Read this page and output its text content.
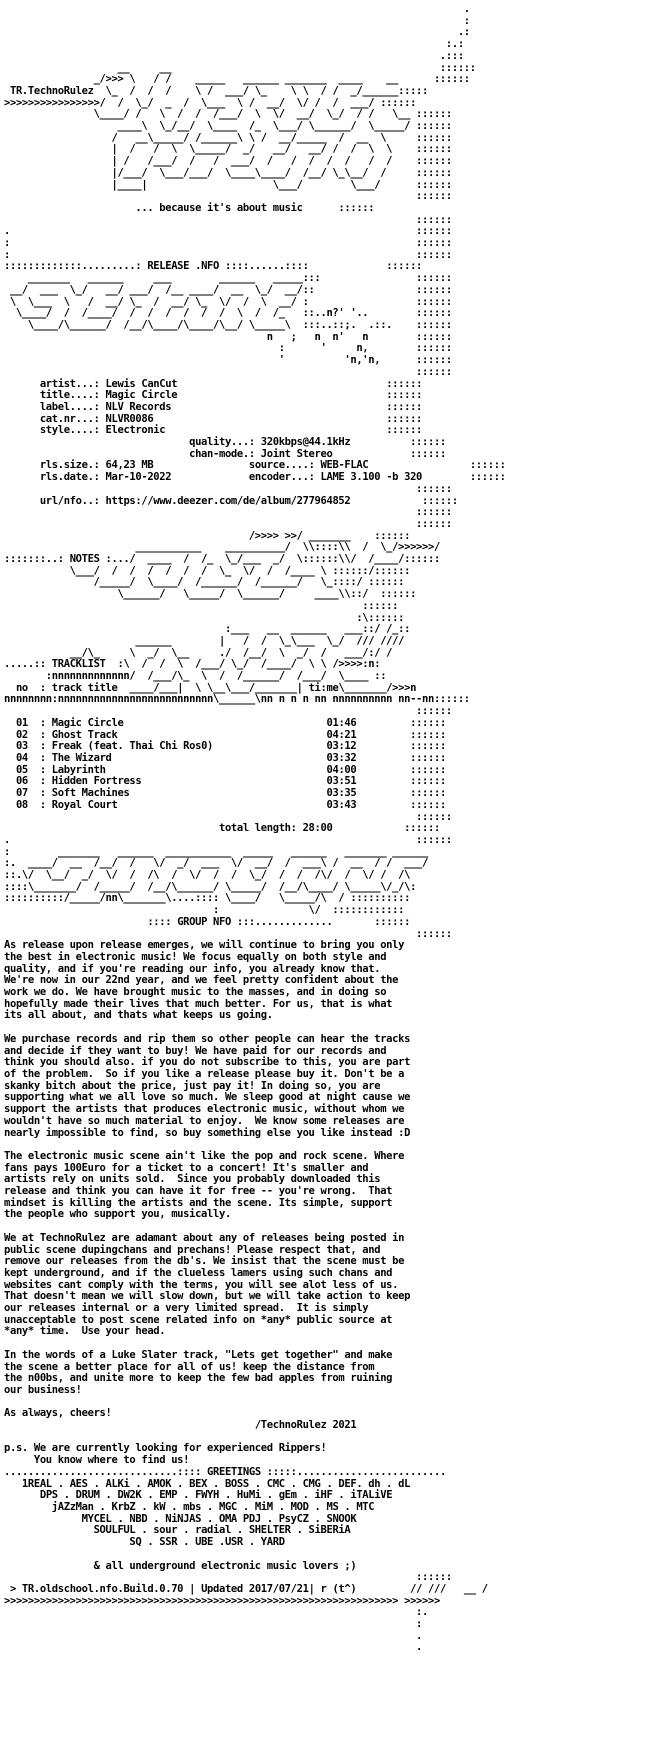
.
:
.:
:.:
.:::
__     __                                             ::::::
_/>>> \   / /    _____   ______ _______  ____    __      ::::::
TR.TechnoRulez  \_  /  /  /    \ /  ___/ \_    \ \  / /  _/______:::::
>>>>>>>>>>>>>>>>/  /  \_/  _  /  \___  \ /  __/  \/ /  /  ___/ ::::::
\____/ /   \  /  /  /___/  \  \/  __/  \_/  / /   \__ ::::::
____\  \_/__/  \____  /_  \___/ \______/  \_____/ ::::::
/   __\_____/ /______\ \ /  __/_____  /  __  \     ::::::
|  /   /  \  \_____/  _/   __/   __/ /  /  \  \    ::::::
| /   /___/  /   /  ___/  /   /  /  /  /   /  /    ::::::
|/___/  \___/___/  \____\____/  /__/ \_\__/  /     ::::::
|____|                     \___/        \___/      ::::::
::::::
... because it's about music	::::::
::::::
.                                                                    ::::::
:                                                                    ::::::
:                                                                    ::::::
:::::::::::::.........: RELEASE .NFO ::::......::::             ::::::
_______   ______     ___        ______   _____:::                ::::::
__/  ___  \_/   __/ ___/  /__ ____/  __  \_/  __/::                 ::::::
\  \___  \   /  __/ \_  /  __/ \_  \/  /  \  __/ :                  ::::::
\____/  /  /____/  /  /  /  /  /  /  \  /  /_   ::..n?' '..        ::::::
\____/\______/  /__/\____/\____/\__/ \_____\  :::..::;.  .::.    ::::::
n   ;   n  n'   n        ::::::
:      '     n,        ::::::
'          'n,'n,      ::::::
::::::
artist...: Lewis CanCut	::::::
title....: Magic Circle	::::::
label....: NLV Records	::::::
cat.nr...: NLVR0086	::::::
style....: Electronic	::::::
quality...: 320kbps@44.1kHz	::::::
chan-mode.: Joint Stereo	::::::
rls.size.: 64,23 MB                source....: WEB-FLAC	::::::
rls.date.: Mar-10-2022             encoder...: LAME 3.100 -b 320	::::::
::::::
url/nfo..: https://www.deezer.com/de/album/277964852	::::::
::::::
::::::
/>>>> >>/ _______    ::::::
___________    __________/  \\::::\\  /  \_/>>>>>>/
:::::::..: NOTES :.../  ____  /  /_  \_/___  _/  \::::::\\/  /____/::::::
\___/  /  /  /  /  /  /  \_  \/  /  /____ \ ::::::/::::::
/_____/  \____/  /______/  /______/   \_::::/ ::::::
\______/   \_____/  \______/     ____\\::/  ::::::
::::::
:\::::::
:___   __  ______   ___::/ /_::
______        |   /  /  \_\___  \_/  /// ////
__/\_     \  _/  \__     ./  /__/  \  _/  /   ___/:/ /
.....:: TRACKLIST  :\  /  /  \  /___/ \_/  /____/  \ \ />>>>:n:
:nnnnnnnnnnnnn/  /___/\_  \  /  /______/  /___/  \____ ::
no  : track title  ____/___|  \ \__\___/_______| ti:me\_______/>>>n
nnnnnnnn:nnnnnnnnnnnnnnnnnnnnnnnnnn\______\nn n n n nn nnnnnnnnnn nn--nn::::::
::::::
01  : Magic Circle	01:46	::::::
02  : Ghost Track	04:21	::::::
03  : Freak (feat. Thai Chi Ros0)	03:12	::::::
04  : The Wizard	03:32	::::::
05  : Labyrinth	04:00	::::::
06  : Hidden Fortress	03:51	::::::
07  : Soft Machines	03:35	::::::
08  : Royal Court	03:43	::::::
::::::
total length: 28:00	::::::
.                                                                    ::::::
:        _______   ______  ___________  _____   ______   _______ ______
:.  ____/  __  /__/  /   \/  _/  ___  \/  __/  /  ___\ /  __  / /  ___/
::.\/  \__/  _/  \/  /  /\  /  \/  /  /  \_/  /  /  /\/  /  \/ /  /\
::::\_______/  /_____/  /__/\______/ \_____/  /__/\____/ \_____\/_/\:
::::::::::/_____/nn\_______\....:::: \____/   \_____/\  / ::::::::::
:               \/  ::::::::::::
:::: GROUP NFO :::.............       ::::::
::::::
As release upon release emerges, we will continue to bring you only
the best in electronic music! We focus equally on both style and
quality, and if you're reading our info, you already know that.
We're now in our 22nd year, and we feel pretty confident about the
work we do. We have brought music to the masses, and in doing so
hopefully made their lives that much better. For us, that is what
its all about, and thats what keeps us going.

We purchase records and rip them so other people can hear the tracks
and decide if they want to buy! We have paid for our records and
think you should also. if you do not subscribe to this, you are part
of the problem.  So if you like a release please buy it. Don't be a
skanky bitch about the price, just pay it! In doing so, you are
supporting what we all love so much. We sleep good at night cause we
support the artists that produces electronic music, without whom we
wouldn't have so much material to enjoy.  We know some releases are
nearly impossible to find, so buy something else you like instead :D

The electronic music scene ain't like the pop and rock scene. Where
fans pays 100Euro for a ticket to a concert! It's smaller and
artists rely on units sold.  Since you probably downloaded this
release and think you can have it for free -- you're wrong.  That
mindset is killing the artists and the scene. Its simple, support
the people who support you, musically.

We at TechnoRulez are adamant about any of releases being posted in
public scene dupingchans and prechans! Please respect that, and
remove our releases from the db's. We insist that the scene must be
kept underground, and if the clueless lamers using such chans and
websites cant comply with the terms, you will see alot less of us.
That doesn't mean we will slow down, but we will take action to keep
our releases internal or a very limited spread.  It is simply
unacceptable to post scene related info on *any* public source at
*any* time.  Use your head.

In the words of a Luke Slater track, "Lets get together" and make
the scene a better place for all of us! keep the distance from
the n00bs, and unite more to keep the few bad apples from ruining
our business!

As always, cheers!
/TechnoRulez 2021

p.s. We are currently looking for experienced Rippers!
You know where to find us!
.............................:::: GREETINGS :::::.........................
1REAL . AES . ALKi . AMOK . BEX . BOSS . CMC . CMG . DEF. dh . dL
DPS . DRUM . DW2K . EMP . FWYH . HuMi . gEm . iHF . iTALiVE
jAZzMan . KrbZ . kW . mbs . MGC . MiM . MOD . MS . MTC
MYCEL . NBD . NiNJAS . OMA PDJ . PsyCZ . SNOOK
SOULFUL . sour . radial . SHELTER . SiBERiA
SQ . SSR . UBE .USR . YARD

& all underground electronic music lovers ;)
::::::
> TR.oldschool.nfo.Build.0.70 | Updated 2017/07/21| r (t^)         // ///   __ /
>>>>>>>>>>>>>>>>>>>>>>>>>>>>>>>>>>>>>>>>>>>>>>>>>>>>>>>>>>>>>>>>>> >>>>>>
:.
:
.
.
